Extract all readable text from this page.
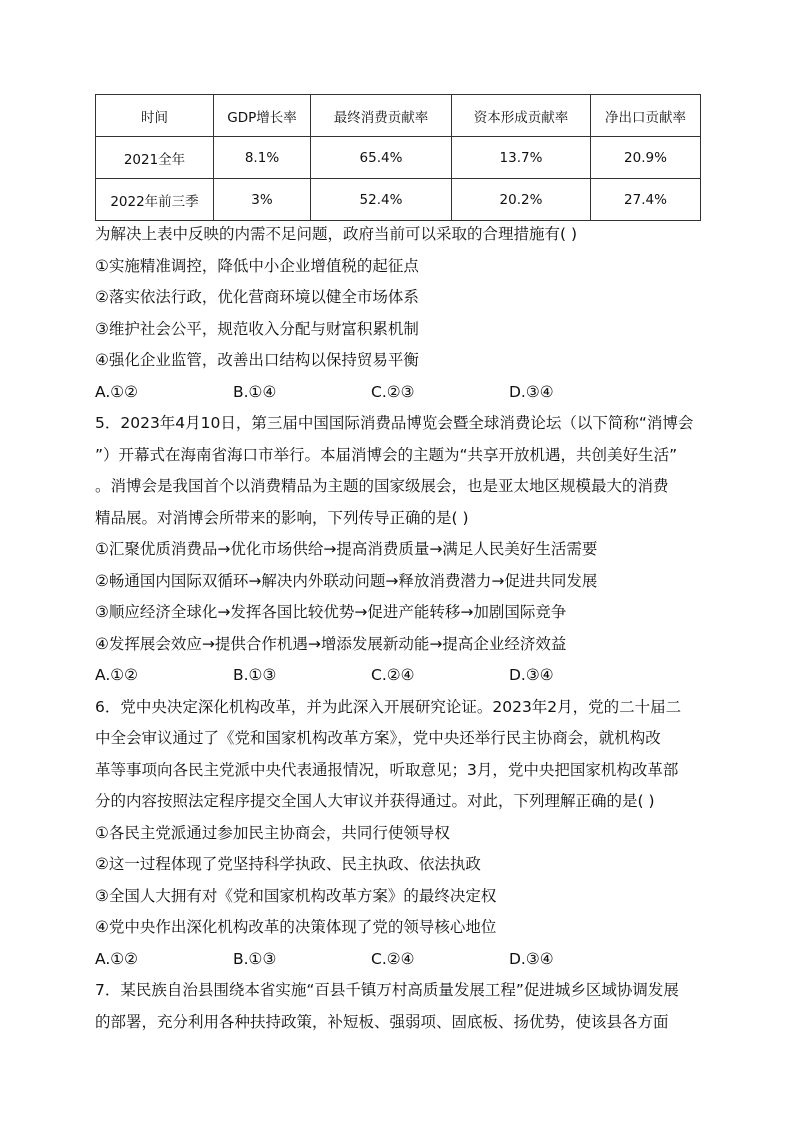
时间	GDP增长率	最终消费贡献率	资本形成贡献率	净出口贡献率
2021全年	8.1%	65.4%	13.7%	20.9%
2022年前三季	3%	52.4%	20.2%	27.4%
为解决上表中反映的内需不足问题，政府当前可以采取的合理措施有( )
①实施精准调控，降低中小企业增值税的起征点
②落实依法行政，优化营商环境以健全市场体系
③维护社会公平，规范收入分配与财富积累机制
④强化企业监管，改善出口结构以保持贸易平衡
A.①②	B.①④	C.②③	D.③④
5．2023年4月10日，第三届中国国际消费品博览会暨全球消费论坛（以下简称“消博会
”）开幕式在海南省海口市举行。本届消博会的主题为“共享开放机遇，共创美好生活”
。消博会是我国首个以消费精品为主题的国家级展会，也是亚太地区规模最大的消费
精品展。对消博会所带来的影响，下列传导正确的是( )
①汇聚优质消费品→优化市场供给→提高消费质量→满足人民美好生活需要
②畅通国内国际双循环→解决内外联动问题→释放消费潜力→促进共同发展
③顺应经济全球化→发挥各国比较优势→促进产能转移→加剧国际竞争
④发挥展会效应→提供合作机遇→增添发展新动能→提高企业经济效益
A.①②	B.①③	C.②④	D.③④
6．党中央决定深化机构改革，并为此深入开展研究论证。2023年2月，党的二十届二
中全会审议通过了《党和国家机构改革方案》，党中央还举行民主协商会，就机构改
革等事项向各民主党派中央代表通报情况，听取意见；3月，党中央把国家机构改革部
分的内容按照法定程序提交全国人大审议并获得通过。对此，下列理解正确的是( )
①各民主党派通过参加民主协商会，共同行使领导权
②这一过程体现了党坚持科学执政、民主执政、依法执政
③全国人大拥有对《党和国家机构改革方案》的最终决定权
④党中央作出深化机构改革的决策体现了党的领导核心地位
A.①②	B.①③	C.②④	D.③④
7．某民族自治县围绕本省实施“百县千镇万村高质量发展工程”促进城乡区域协调发展
的部署，充分利用各种扶持政策，补短板、强弱项、固底板、扬优势，使该县各方面
